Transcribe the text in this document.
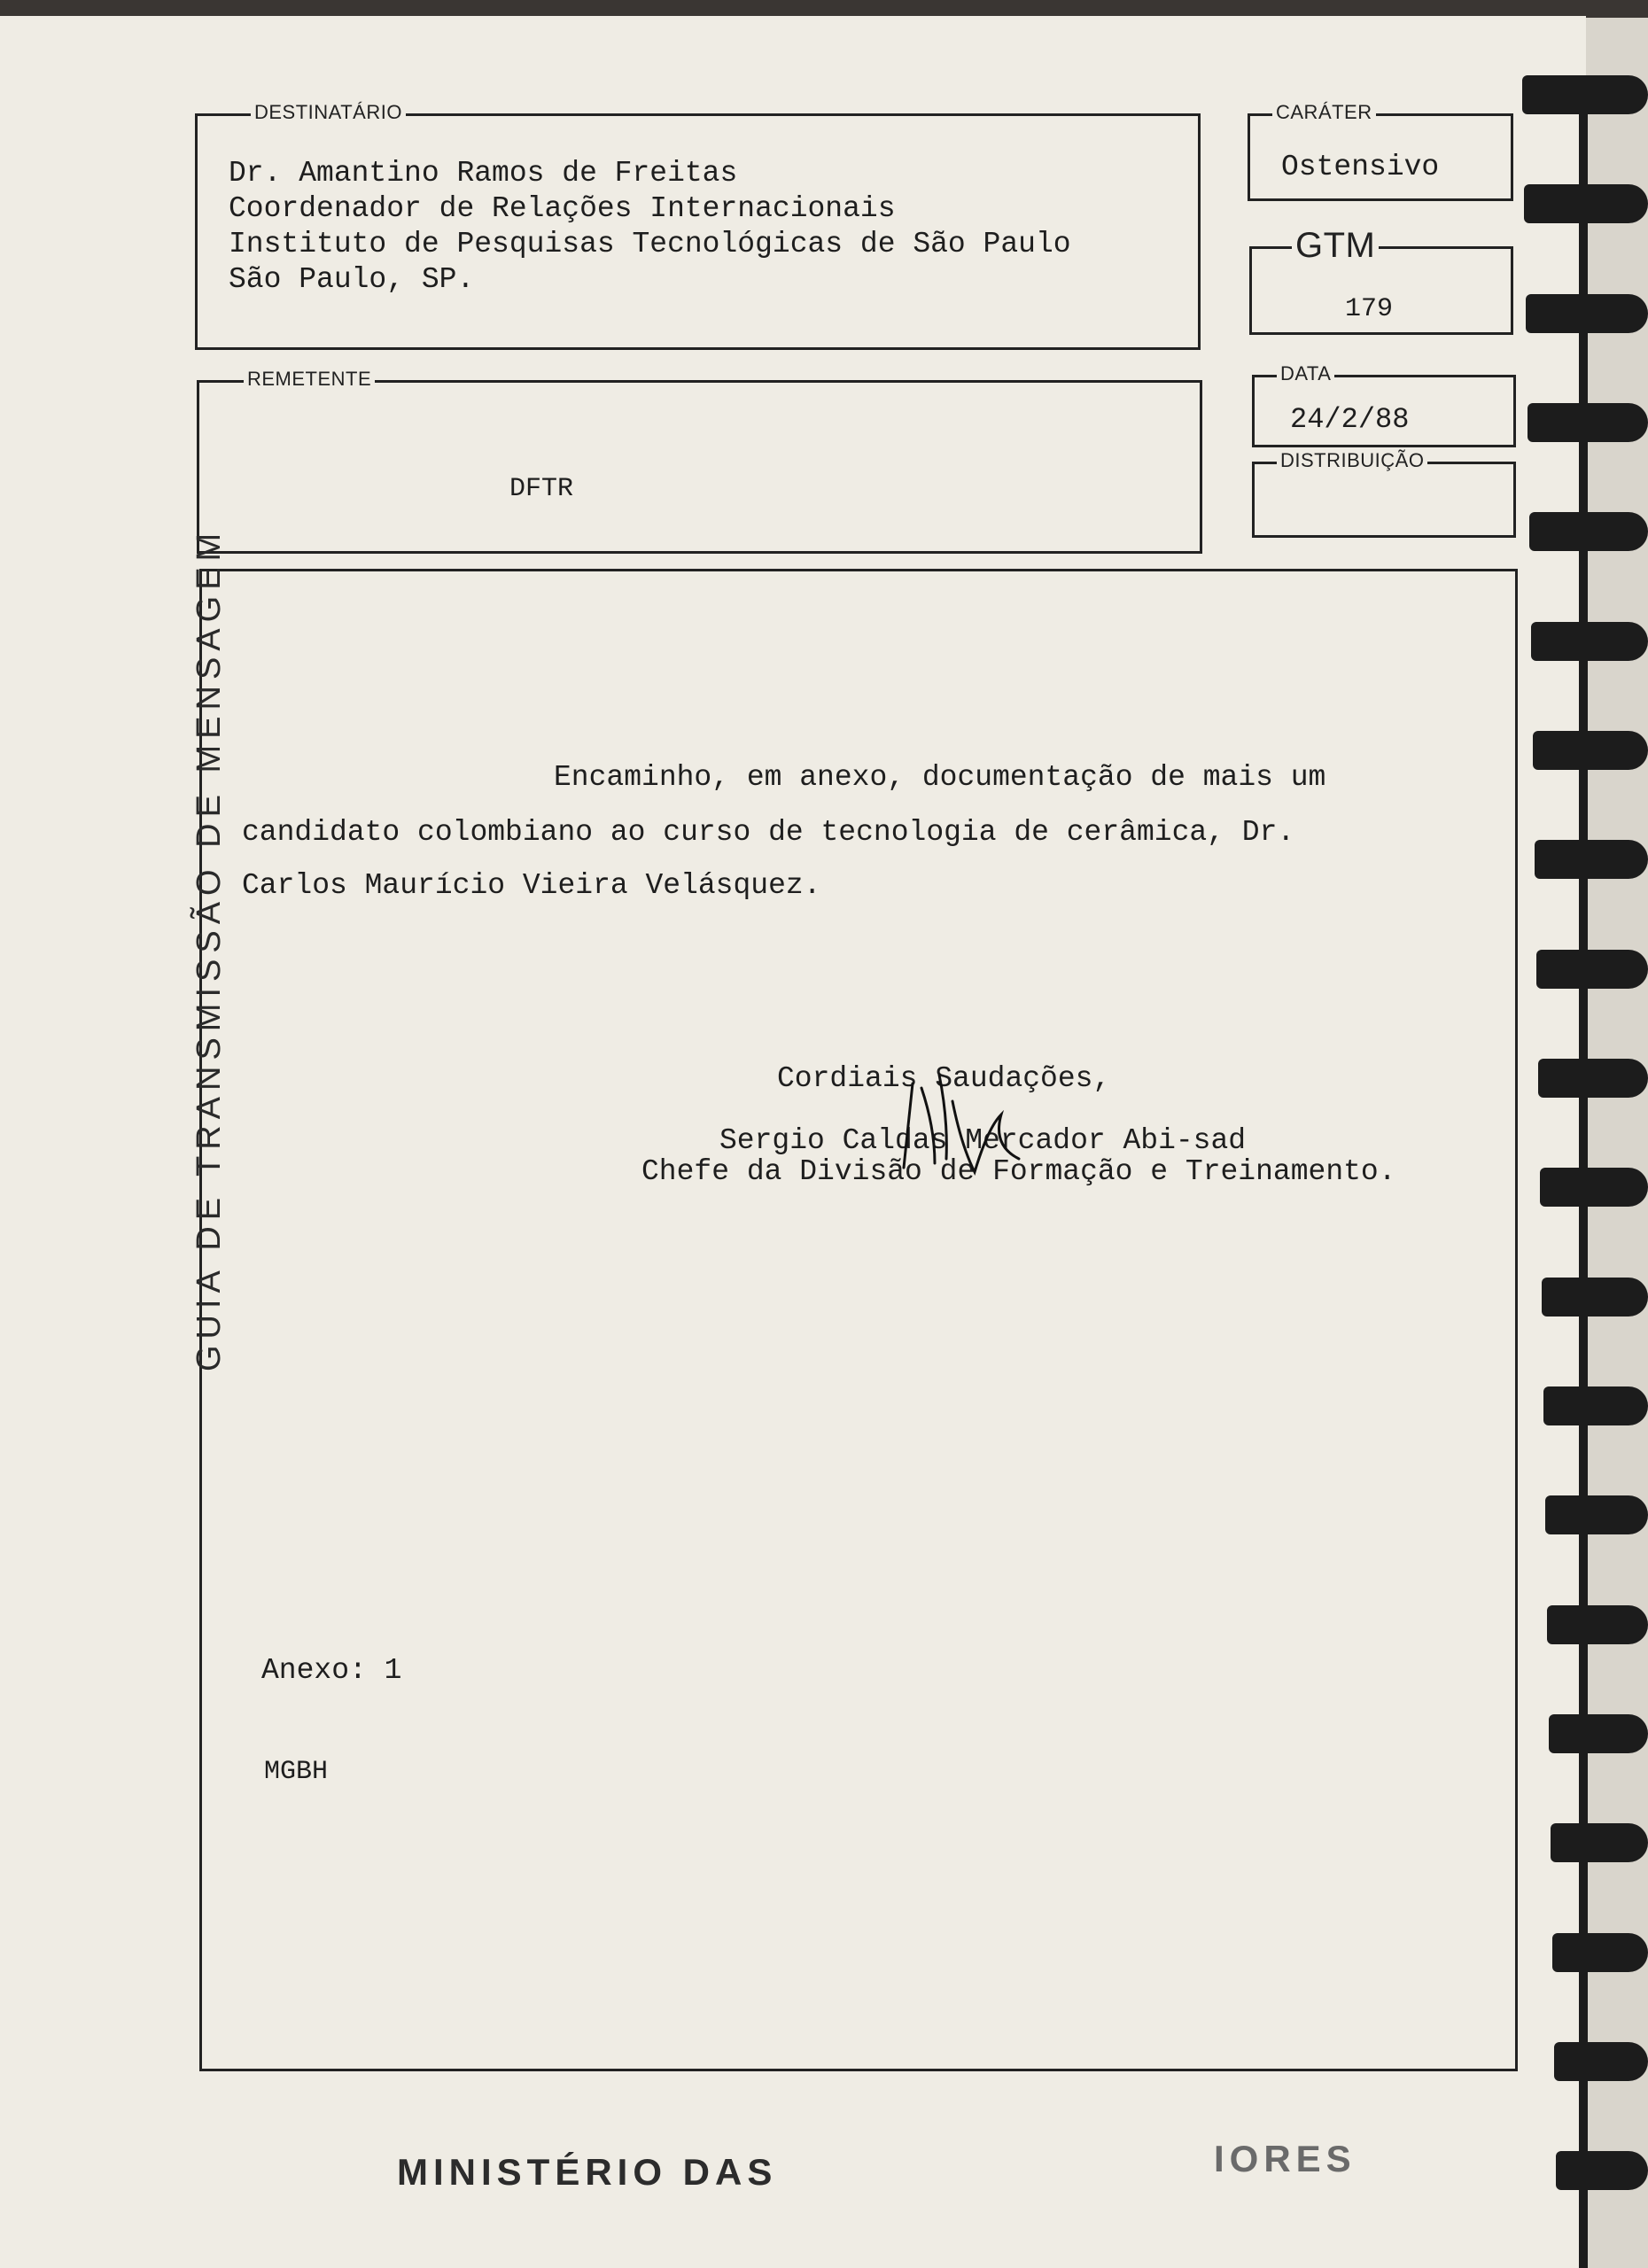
DESTINATÁRIO
Dr. Amantino Ramos de Freitas
Coordenador de Relações Internacionais
Instituto de Pesquisas Tecnológicas de São Paulo
São Paulo, SP.
CARÁTER
Ostensivo
GTM
179
REMETENTE
DFTR
DATA
24/2/88
DISTRIBUIÇÃO
GUIA DE TRANSMISSÃO DE MENSAGEM	Encaminho, em anexo, documentação de mais um
candidato colombiano ao curso de tecnologia de cerâmica, Dr.
Carlos Maurício Vieira Velásquez.
Cordiais Saudações,
Sergio Caldas Mercador Abi-sad
Chefe da Divisão de Formação e Treinamento.
Anexo: 1
MGBH
MINISTÉRIO DAS	IORES
